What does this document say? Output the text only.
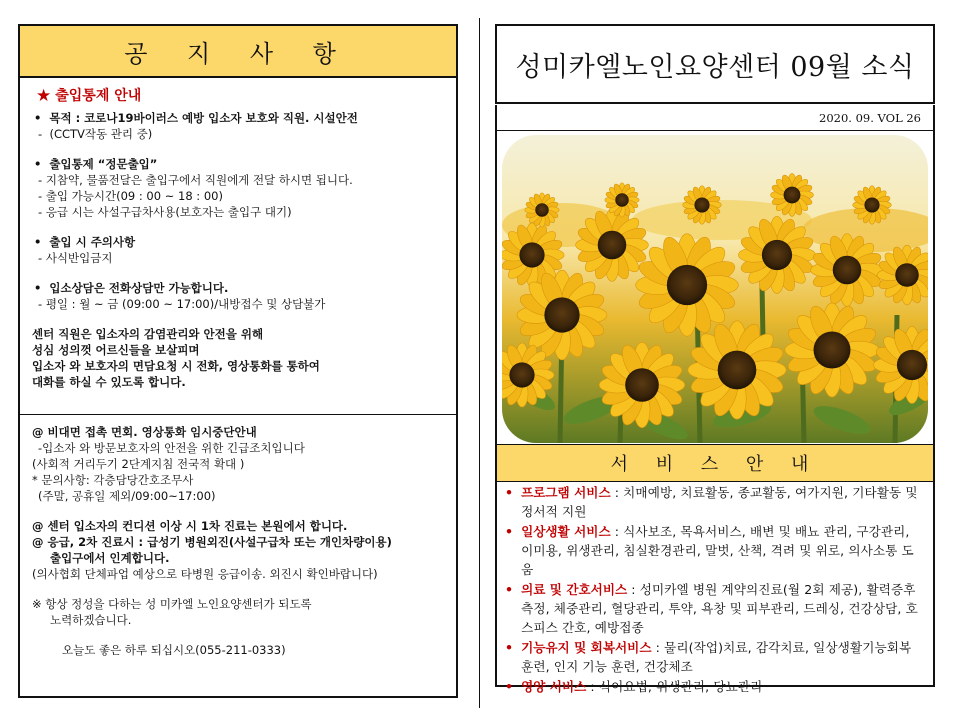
공 지 사 항
★ 출입통제 안내
• 목적 : 코로나19바이러스 예방 입소자 보호와 직원. 시설안전
-  (CCTV작동 관리 중)
• 출입통제 “정문출입”
- 지참약, 물품전달은 출입구에서 직원에게 전달 하시면 됩니다.
- 출입 가능시간(09 : 00 ~ 18 : 00)
- 응급 시는 사설구급차사용(보호자는 출입구 대기)
• 출입 시 주의사항
- 사식반입금지
• 입소상담은 전화상담만 가능합니다.
- 평일 : 월 ~ 금 (09:00 ~ 17:00)/내방접수 및 상담불가
센터 직원은 입소자의 감염관리와 안전을 위해
성심 성의껏 어르신들을 보살피며
입소자 와 보호자의 면담요청 시 전화, 영상통화를 통하여
대화를 하실 수 있도록 합니다.
@ 비대면 접촉 면회. 영상통화 임시중단안내
-입소자 와 방문보호자의 안전을 위한 긴급조치입니다
(사회적 거리두기 2단계지침 전국적 확대 )
* 문의사항: 각층담당간호조무사
(주말, 공휴일 제외/09:00~17:00)
@ 센터 입소자의 컨디션 이상 시 1차 진료는 본원에서 합니다.
@ 응급, 2차 진료시 : 급성기 병원외진(사설구급차 또는 개인차량이용)
출입구에서 인계합니다.
(의사협회 단체파업 예상으로 타병원 응급이송. 외진시 확인바랍니다)
※ 항상 정성을 다하는 성 미카엘 노인요양센터가 되도록
노력하겠습니다.
오늘도 좋은 하루 되십시오(055-211-0333)
성미카엘노인요양센터 09월 소식
2020. 09. VOL 26
서 비 스 안 내
• 프로그램 서비스 : 치매예방, 치료활동, 종교활동, 여가지원, 기타활동 및 정서적 지원
• 일상생활 서비스 : 식사보조, 목욕서비스, 배변 및 배뇨 관리, 구강관리, 이미용, 위생관리, 침실환경관리, 말벗, 산책, 격려 및 위로, 의사소통 도움
• 의료 및 간호서비스 : 성미카엘 병원 계약의진료(월 2회 제공), 활력증후측정, 체중관리, 혈당관리, 투약, 욕창 및 피부관리, 드레싱, 건강상담, 호스피스 간호, 예방접종
• 기능유지 및 회복서비스 : 물리(작업)치료, 감각치료, 일상생활기능회복훈련, 인지 기능 훈련, 건강체조
• 영양 서비스 : 식이요법, 위생관리, 당뇨관리
